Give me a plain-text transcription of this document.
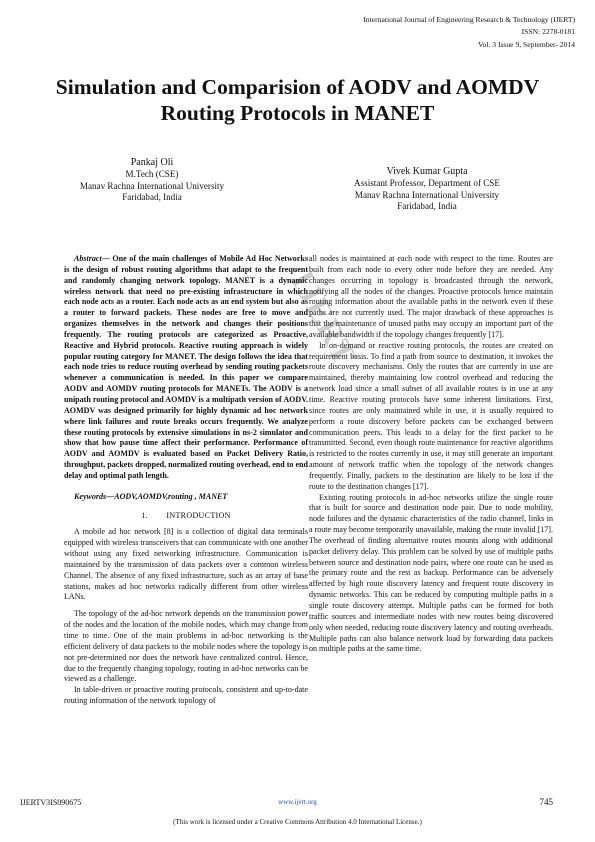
International Journal of Engineering Research & Technology (IJERT)
ISSN: 2278-0181
Vol. 3 Issue 9, September- 2014
Simulation and Comparision of AODV and AOMDV Routing Protocols in MANET
Pankaj Oli
M.Tech (CSE)
Manav Rachna International University
Faridabad, India
Vivek Kumar Gupta
Assistant Professor, Department of CSE
Manav Rachna International University
Faridabad, India
IJERT

Abstract— One of the main challenges of Mobile Ad Hoc Networks is the design of robust routing algorithms that adapt to the frequent and randomly changing network topology. MANET is a dynamic wireless network that need no pre-existing infrastructure in which each node acts as a router. Each node acts as an end system but also as a router to forward packets. These nodes are free to move and organizes themselves in the network and changes their positions frequently. The routing protocols are categorized as Proactive, Reactive and Hybrid protocols. Reactive routing approach is widely popular routing category for MANET. The design follows the idea that each node tries to reduce routing overhead by sending routing packets whenever a communication is needed. In this paper we compare AODV and AOMDV routing protocols for MANETs. The AODV is a unipath routing protocol and AOMDV is a multipath version of AODV. AOMDV was designed primarily for highly dynamic ad hoc network where link failures and route breaks occurs frequently. We analyze these routing protocols by extensive simulations in ns-2 simulator and show that how pause time affect their performance. Performance of AODV and AOMDV is evaluated based on Packet Delivery Ratio, throughput, packets dropped, normalized routing overhead, end to end delay and optimal path length.

Keywords—AODV,AOMDV,routing , MANET

1. INTRODUCTION

A mobile ad hoc network [8] is a collection of digital data terminals equipped with wireless transceivers that can communicate with one another without using any fixed networking infrastructure. Communication is maintained by the transmission of data packets over a common wireless Channel. The absence of any fixed infrastructure, such as an array of base stations, makes ad hoc networks radically different from other wireless LANs.

The topology of the ad-hoc network depends on the transmission power of the nodes and the location of the mobile nodes, which may change from time to time. One of the main problems in ad-hoc networking is the efficient delivery of data packets to the mobile nodes where the topology is not pre-determined nor does the network have centralized control. Hence, due to the frequently changing topology, routing in ad-hoc networks can be viewed as a challenge.

In table-driven or proactive routing protocols, consistent and up-to-date routing information of the network topology of

all nodes is maintained at each node with respect to the time. Routes are built from each node to every other node before they are needed. Any changes occurring in topology is broadcasted through the network, notifying all the nodes of the changes. Proactive protocols hence maintain routing information about the available paths in the network even if these paths are not currently used. The major drawback of these approaches is that the maintenance of unused paths may occupy an important part of the available bandwidth if the topology changes frequently [17].

In on-demand or reactive routing protocols, the routes are created on requirement basis. To find a path from source to destination, it invokes the route discovery mechanisms. Only the routes that are currently in use are maintained, thereby maintaining low control overhead and reducing the network load since a small subset of all available routes is in use at any time. Reactive routing protocols have some inherent limitations. First, since routes are only maintained while in use, it is usually required to perform a route discovery before packets can be exchanged between communication peers. This leads to a delay for the first packet to be transmitted. Second, even though route maintenance for reactive algorithms is restricted to the routes currently in use, it may still generate an important amount of network traffic when the topology of the network changes frequently. Finally, packets to the destination are likely to be lost if the route to the destination changes [17].

Existing routing protocols in ad-hoc networks utilize the single route that is built for source and destination node pair. Due to node mobility, node failures and the dynamic characteristics of the radio channel, links in a route may become temporarily unavailable, making the route invalid [17]. The overhead of finding alternative routes mounts along with additional packet delivery delay. This problem can be solved by use of multiple paths between source and destination node pairs, where one route can be used as the primary route and the rest as backup. Performance can be adversely affected by high route discovery latency and frequent route discovery in dynamic networks. This can be reduced by computing multiple paths in a single route discovery attempt. Multiple paths can be formed for both traffic sources and intermediate nodes with new routes being discovered only when needed, reducing route discovery latency and routing overheads. Multiple paths can also balance network load by forwarding data packets on multiple paths at the same time.

IJERTV3IS090675	www.ijert.org	745
(This work is licensed under a Creative Commons Attribution 4.0 International License.)
